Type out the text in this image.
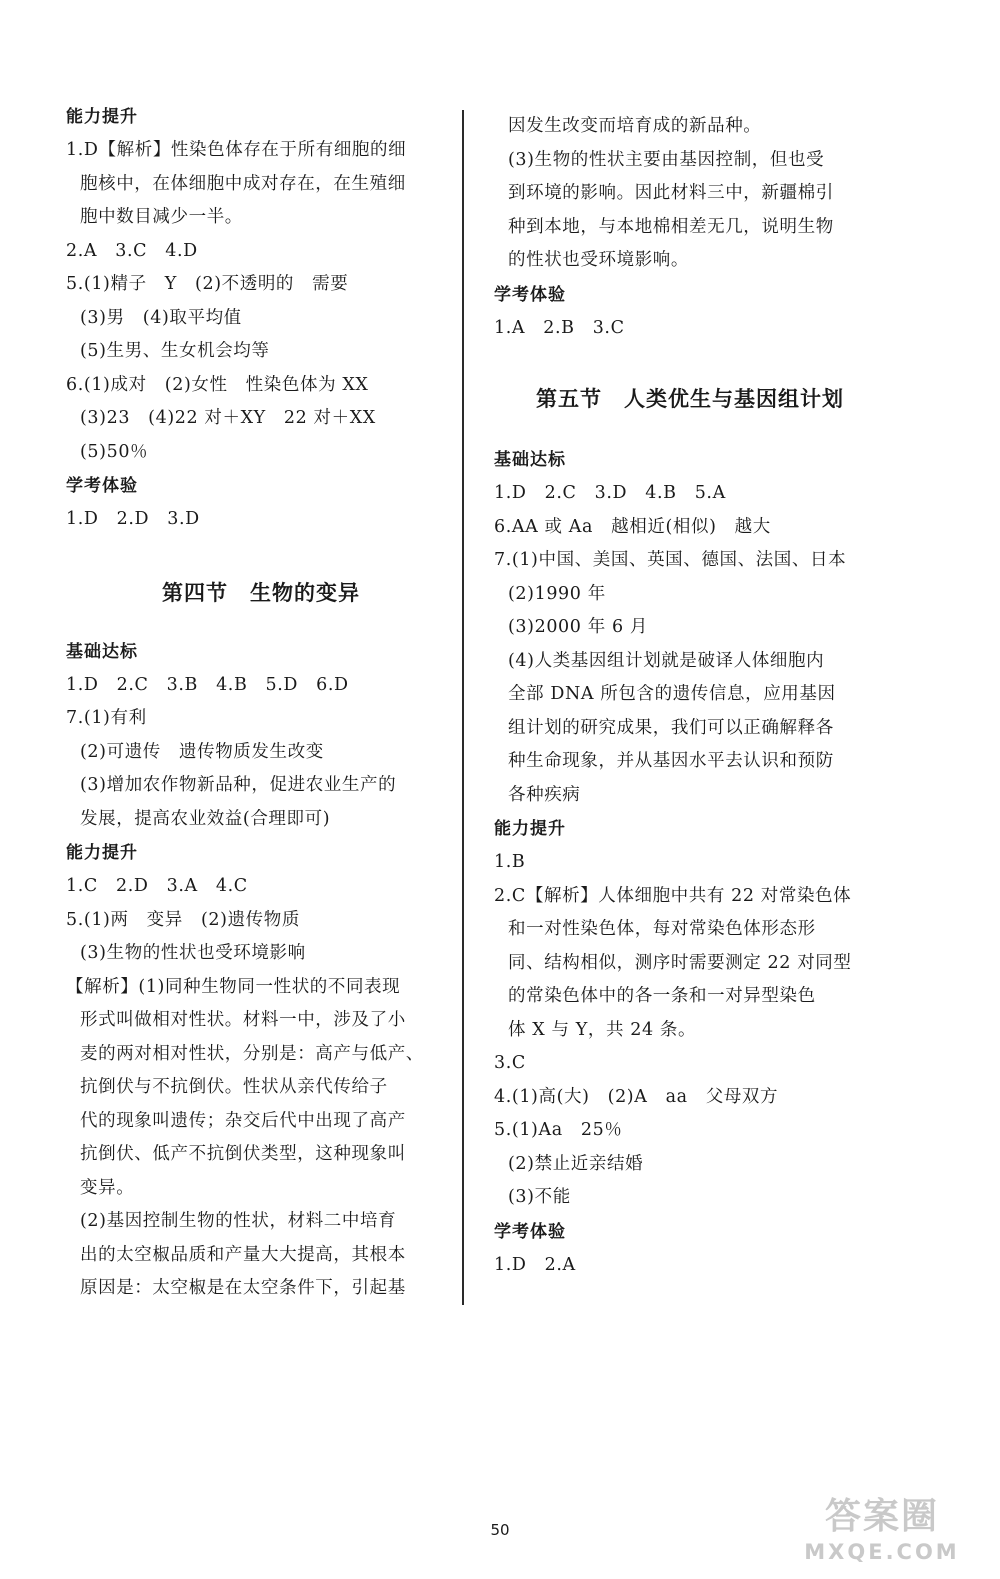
能力提升
1.D【解析】性染色体存在于所有细胞的细
胞核中，在体细胞中成对存在，在生殖细
胞中数目减少一半。
2.A　3.C　4.D
5.(1)精子　Y　(2)不透明的　需要
(3)男　(4)取平均值
(5)生男、生女机会均等
6.(1)成对　(2)女性　性染色体为 XX
(3)23　(4)22 对＋XY　22 对＋XX
(5)50％
学考体验
1.D　2.D　3.D
第四节　生物的变异
基础达标
1.D　2.C　3.B　4.B　5.D　6.D
7.(1)有利
(2)可遗传　遗传物质发生改变
(3)增加农作物新品种，促进农业生产的
发展，提高农业效益(合理即可)
能力提升
1.C　2.D　3.A　4.C
5.(1)两　变异　(2)遗传物质
(3)生物的性状也受环境影响
【解析】(1)同种生物同一性状的不同表现
形式叫做相对性状。材料一中，涉及了小
麦的两对相对性状，分别是：高产与低产、
抗倒伏与不抗倒伏。性状从亲代传给子
代的现象叫遗传；杂交后代中出现了高产
抗倒伏、低产不抗倒伏类型，这种现象叫
变异。
(2)基因控制生物的性状，材料二中培育
出的太空椒品质和产量大大提高，其根本
原因是：太空椒是在太空条件下，引起基
因发生改变而培育成的新品种。
(3)生物的性状主要由基因控制，但也受
到环境的影响。因此材料三中，新疆棉引
种到本地，与本地棉相差无几，说明生物
的性状也受环境影响。
学考体验
1.A　2.B　3.C
第五节　人类优生与基因组计划
基础达标
1.D　2.C　3.D　4.B　5.A
6.AA 或 Aa　越相近(相似)　越大
7.(1)中国、美国、英国、德国、法国、日本
(2)1990 年
(3)2000 年 6 月
(4)人类基因组计划就是破译人体细胞内
全部 DNA 所包含的遗传信息，应用基因
组计划的研究成果，我们可以正确解释各
种生命现象，并从基因水平去认识和预防
各种疾病
能力提升
1.B
2.C【解析】人体细胞中共有 22 对常染色体
和一对性染色体，每对常染色体形态形
同、结构相似，测序时需要测定 22 对同型
的常染色体中的各一条和一对异型染色
体 X 与 Y，共 24 条。
3.C
4.(1)高(大)　(2)A　aa　父母双方
5.(1)Aa　25％
(2)禁止近亲结婚
(3)不能
学考体验
1.D　2.A
50	答案圈
MXQE.COM
